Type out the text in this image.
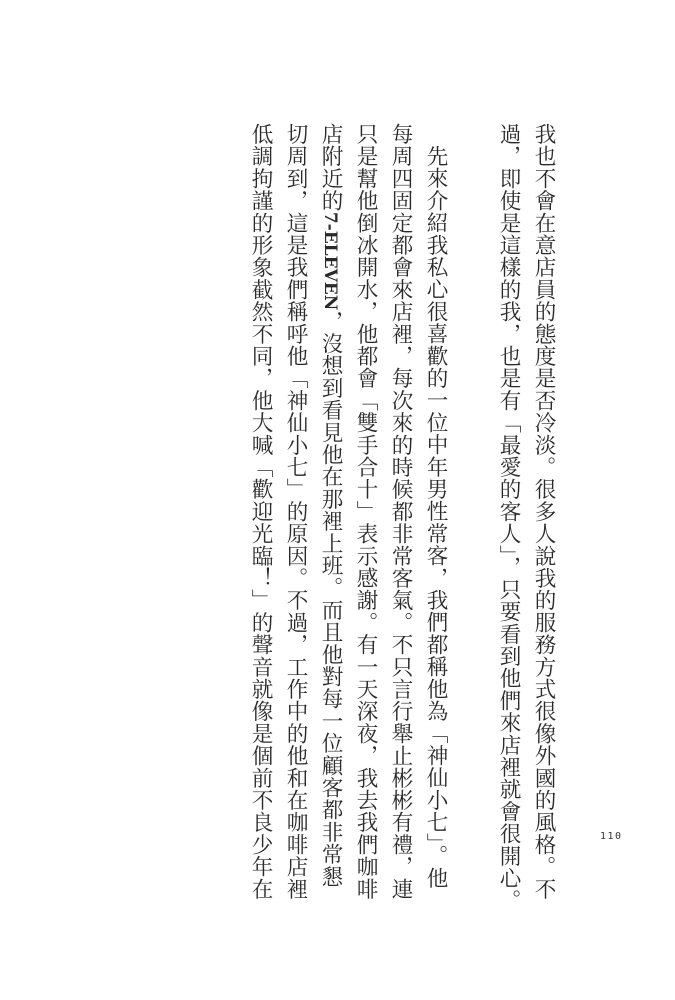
我也不會在意店員的態度是否冷淡。很多人說我的服務方式很像外國的風格。不
過，即使是這樣的我，也是有「最愛的客人」，只要看到他們來店裡就會很開心。
先來介紹我私心很喜歡的一位中年男性常客，我們都稱他為「神仙小七」。他
每周四固定都會來店裡，每次來的時候都非常客氣。不只言行舉止彬彬有禮，連
只是幫他倒冰開水，他都會「雙手合十」表示感謝。有一天深夜，我去我們咖啡
店附近的7-ELEVEN，沒想到看見他在那裡上班。而且他對每一位顧客都非常懇
切周到，這是我們稱呼他「神仙小七」的原因。不過，工作中的他和在咖啡店裡
低調拘謹的形象截然不同，他大喊「歡迎光臨！」的聲音就像是個前不良少年在	110
